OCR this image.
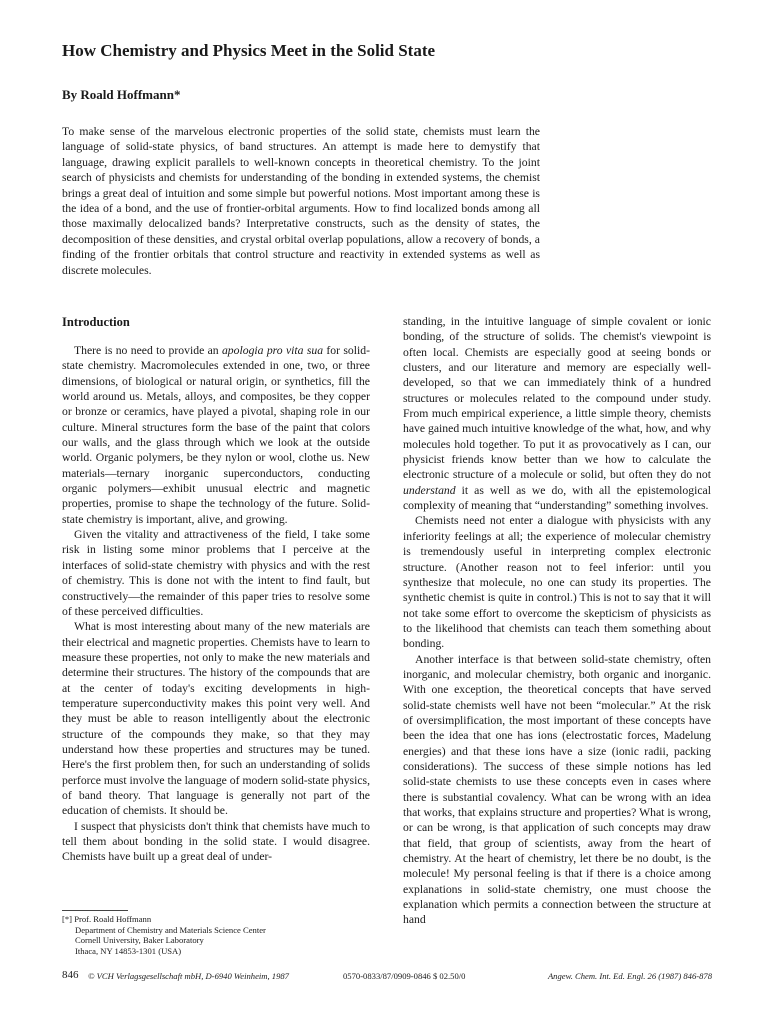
How Chemistry and Physics Meet in the Solid State
By Roald Hoffmann*

To make sense of the marvelous electronic properties of the solid state, chemists must learn the language of solid-state physics, of band structures. An attempt is made here to demystify that language, drawing explicit parallels to well-known concepts in theoretical chemistry. To the joint search of physicists and chemists for understanding of the bonding in extended systems, the chemist brings a great deal of intuition and some simple but powerful notions. Most important among these is the idea of a bond, and the use of frontier-orbital arguments. How to find localized bonds among all those maximally delocalized bands? Interpretative constructs, such as the density of states, the decomposition of these densities, and crystal orbital overlap populations, allow a recovery of bonds, a finding of the frontier orbitals that control structure and reactivity in extended systems as well as discrete molecules.

Introduction

There is no need to provide an apologia pro vita sua for solid-state chemistry. Macromolecules extended in one, two, or three dimensions, of biological or natural origin, or synthetics, fill the world around us. Metals, alloys, and composites, be they copper or bronze or ceramics, have played a pivotal, shaping role in our culture. Mineral structures form the base of the paint that colors our walls, and the glass through which we look at the outside world. Organic polymers, be they nylon or wool, clothe us. New materials—ternary inorganic superconductors, conducting organic polymers—exhibit unusual electric and magnetic properties, promise to shape the technology of the future. Solid-state chemistry is important, alive, and growing.

Given the vitality and attractiveness of the field, I take some risk in listing some minor problems that I perceive at the interfaces of solid-state chemistry with physics and with the rest of chemistry. This is done not with the intent to find fault, but constructively—the remainder of this paper tries to resolve some of these perceived difficulties.

What is most interesting about many of the new materials are their electrical and magnetic properties. Chemists have to learn to measure these properties, not only to make the new materials and determine their structures. The history of the compounds that are at the center of today's exciting developments in high-temperature superconductivity makes this point very well. And they must be able to reason intelligently about the electronic structure of the compounds they make, so that they may understand how these properties and structures may be tuned. Here's the first problem then, for such an understanding of solids perforce must involve the language of modern solid-state physics, of band theory. That language is generally not part of the education of chemists. It should be.

I suspect that physicists don't think that chemists have much to tell them about bonding in the solid state. I would disagree. Chemists have built up a great deal of under-

standing, in the intuitive language of simple covalent or ionic bonding, of the structure of solids. The chemist's viewpoint is often local. Chemists are especially good at seeing bonds or clusters, and our literature and memory are especially well-developed, so that we can immediately think of a hundred structures or molecules related to the compound under study. From much empirical experience, a little simple theory, chemists have gained much intuitive knowledge of the what, how, and why molecules hold together. To put it as provocatively as I can, our physicist friends know better than we how to calculate the electronic structure of a molecule or solid, but often they do not understand it as well as we do, with all the epistemological complexity of meaning that “understanding” something involves.

Chemists need not enter a dialogue with physicists with any inferiority feelings at all; the experience of molecular chemistry is tremendously useful in interpreting complex electronic structure. (Another reason not to feel inferior: until you synthesize that molecule, no one can study its properties. The synthetic chemist is quite in control.) This is not to say that it will not take some effort to overcome the skepticism of physicists as to the likelihood that chemists can teach them something about bonding.

Another interface is that between solid-state chemistry, often inorganic, and molecular chemistry, both organic and inorganic. With one exception, the theoretical concepts that have served solid-state chemists well have not been “molecular.” At the risk of oversimplification, the most important of these concepts have been the idea that one has ions (electrostatic forces, Madelung energies) and that these ions have a size (ionic radii, packing considerations). The success of these simple notions has led solid-state chemists to use these concepts even in cases where there is substantial covalency. What can be wrong with an idea that works, that explains structure and properties? What is wrong, or can be wrong, is that application of such concepts may draw that field, that group of scientists, away from the heart of chemistry. At the heart of chemistry, let there be no doubt, is the molecule! My personal feeling is that if there is a choice among explanations in solid-state chemistry, one must choose the explanation which permits a connection between the structure at hand

[*] Prof. Roald Hoffmann
Department of Chemistry and Materials Science Center
Cornell University, Baker Laboratory
Ithaca, NY 14853-1301 (USA)
846 © VCH Verlagsgesellschaft mbH, D-6940 Weinheim, 1987	0570-0833/87/0909-0846 $ 02.50/0	Angew. Chem. Int. Ed. Engl. 26 (1987) 846-878
